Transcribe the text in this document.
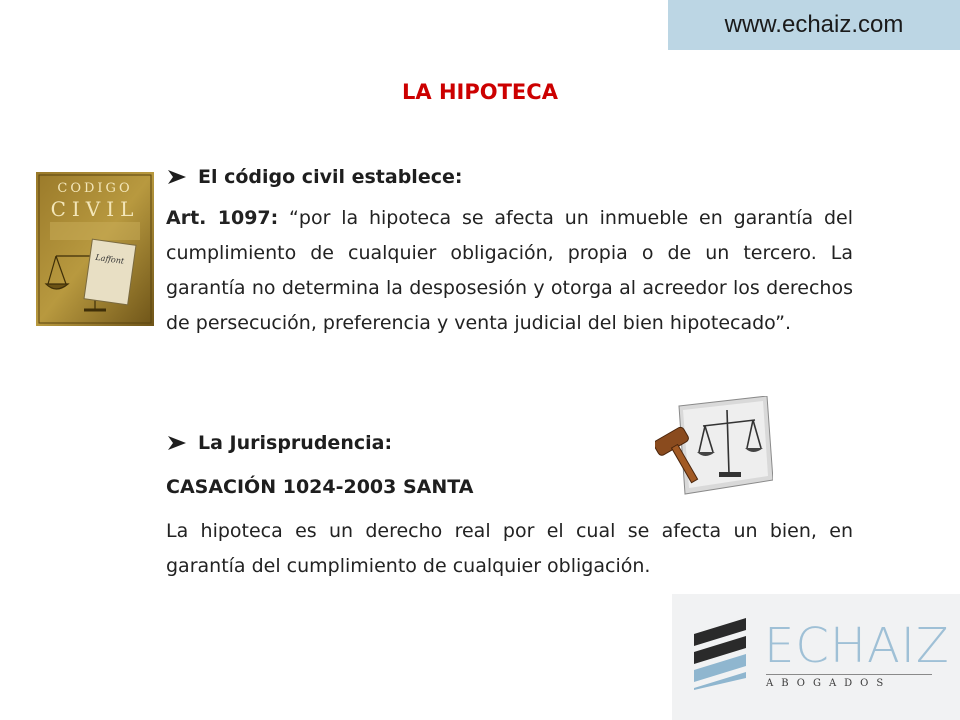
www.echaiz.com
LA HIPOTECA
CODIGO
CIVIL
Laffont
El código civil establece:
Art. 1097: “por la hipoteca se afecta un inmueble en garantía del cumplimiento de cualquier obligación, propia o de un tercero. La garantía no determina la desposesión y otorga al acreedor los derechos de persecución, preferencia y venta judicial del bien hipotecado”.
La Jurisprudencia:
CASACIÓN 1024-2003 SANTA
La hipoteca es un derecho real por el cual se afecta un bien, en garantía del cumplimiento de cualquier obligación.
ECHAIZ
ABOGADOS
